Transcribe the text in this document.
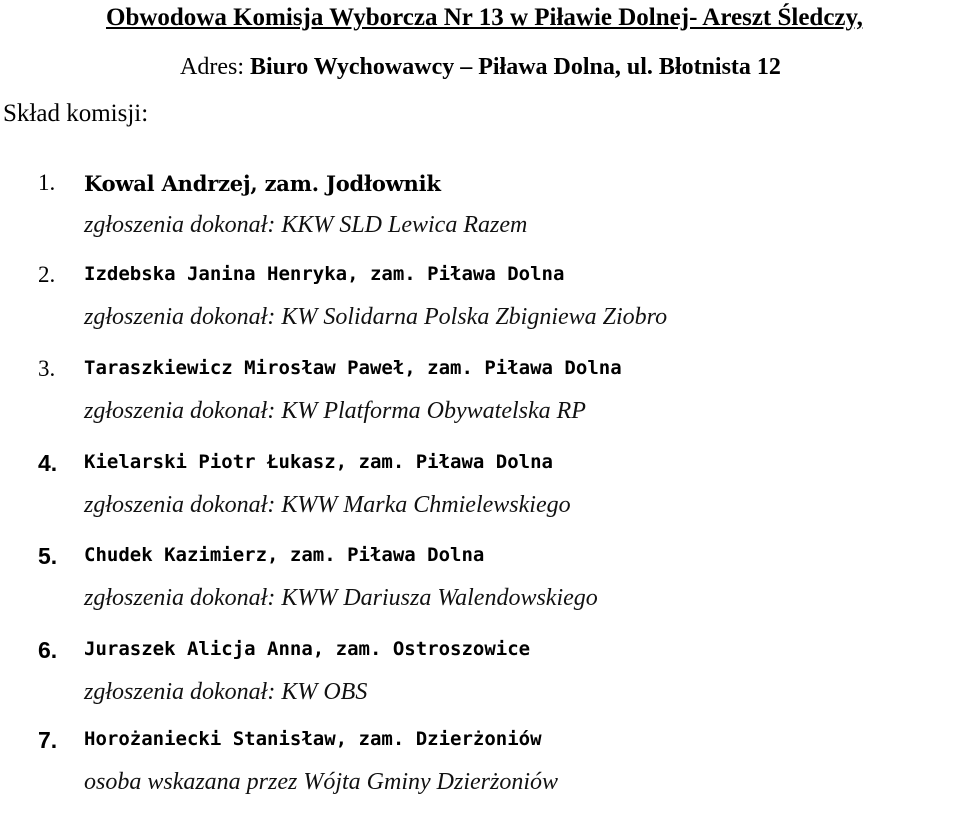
Obwodowa Komisja Wyborcza Nr 13 w Piławie Dolnej- Areszt Śledczy,
Adres: Biuro Wychowawcy – Piława Dolna, ul. Błotnista 12
Skład komisji:
1. Kowal Andrzej, zam. Jodłownik
zgłoszenia dokonał: KKW SLD Lewica Razem
2. Izdebska Janina Henryka, zam. Piława Dolna
zgłoszenia dokonał: KW Solidarna Polska Zbigniewa Ziobro
3. Taraszkiewicz Mirosław Paweł, zam. Piława Dolna
zgłoszenia dokonał: KW Platforma Obywatelska RP
4. Kielarski Piotr Łukasz, zam. Piława Dolna
zgłoszenia dokonał: KWW Marka Chmielewskiego
5. Chudek Kazimierz, zam. Piława Dolna
zgłoszenia dokonał: KWW Dariusza Walendowskiego
6. Juraszek Alicja Anna, zam. Ostroszowice
zgłoszenia dokonał: KW OBS
7. Horożaniecki Stanisław, zam. Dzierżoniów
osoba wskazana przez Wójta Gminy Dzierżoniów
